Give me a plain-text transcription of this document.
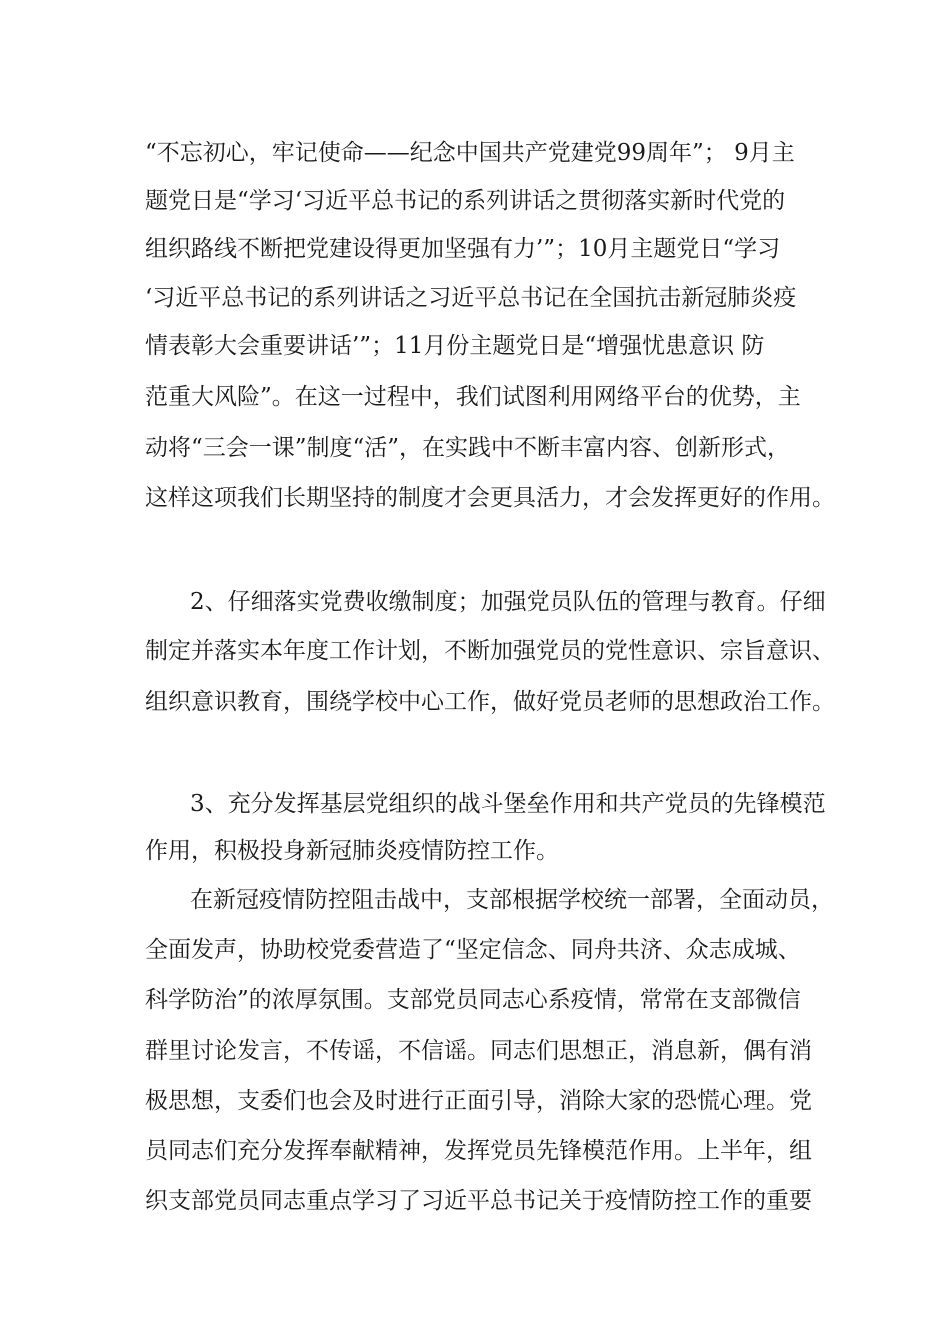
“不忘初心，牢记使命——纪念中国共产党建党99周年”； 9月主
题党日是“学习‘习近平总书记的系列讲话之贯彻落实新时代党的
组织路线不断把党建设得更加坚强有力’”；10月主题党日“学习
‘习近平总书记的系列讲话之习近平总书记在全国抗击新冠肺炎疫
情表彰大会重要讲话’”；11月份主题党日是“增强忧患意识 防
范重大风险”。在这一过程中，我们试图利用网络平台的优势，主
动将“三会一课”制度“活”，在实践中不断丰富内容、创新形式，
这样这项我们长期坚持的制度才会更具活力，才会发挥更好的作用。
2、仔细落实党费收缴制度；加强党员队伍的管理与教育。仔细
制定并落实本年度工作计划，不断加强党员的党性意识、宗旨意识、
组织意识教育，围绕学校中心工作，做好党员老师的思想政治工作。
3、充分发挥基层党组织的战斗堡垒作用和共产党员的先锋模范
作用，积极投身新冠肺炎疫情防控工作。
在新冠疫情防控阻击战中，支部根据学校统一部署，全面动员，
全面发声，协助校党委营造了“坚定信念、同舟共济、众志成城、
科学防治”的浓厚氛围。支部党员同志心系疫情，常常在支部微信
群里讨论发言，不传谣，不信谣。同志们思想正，消息新，偶有消
极思想，支委们也会及时进行正面引导，消除大家的恐慌心理。党
员同志们充分发挥奉献精神，发挥党员先锋模范作用。上半年，组
织支部党员同志重点学习了习近平总书记关于疫情防控工作的重要
